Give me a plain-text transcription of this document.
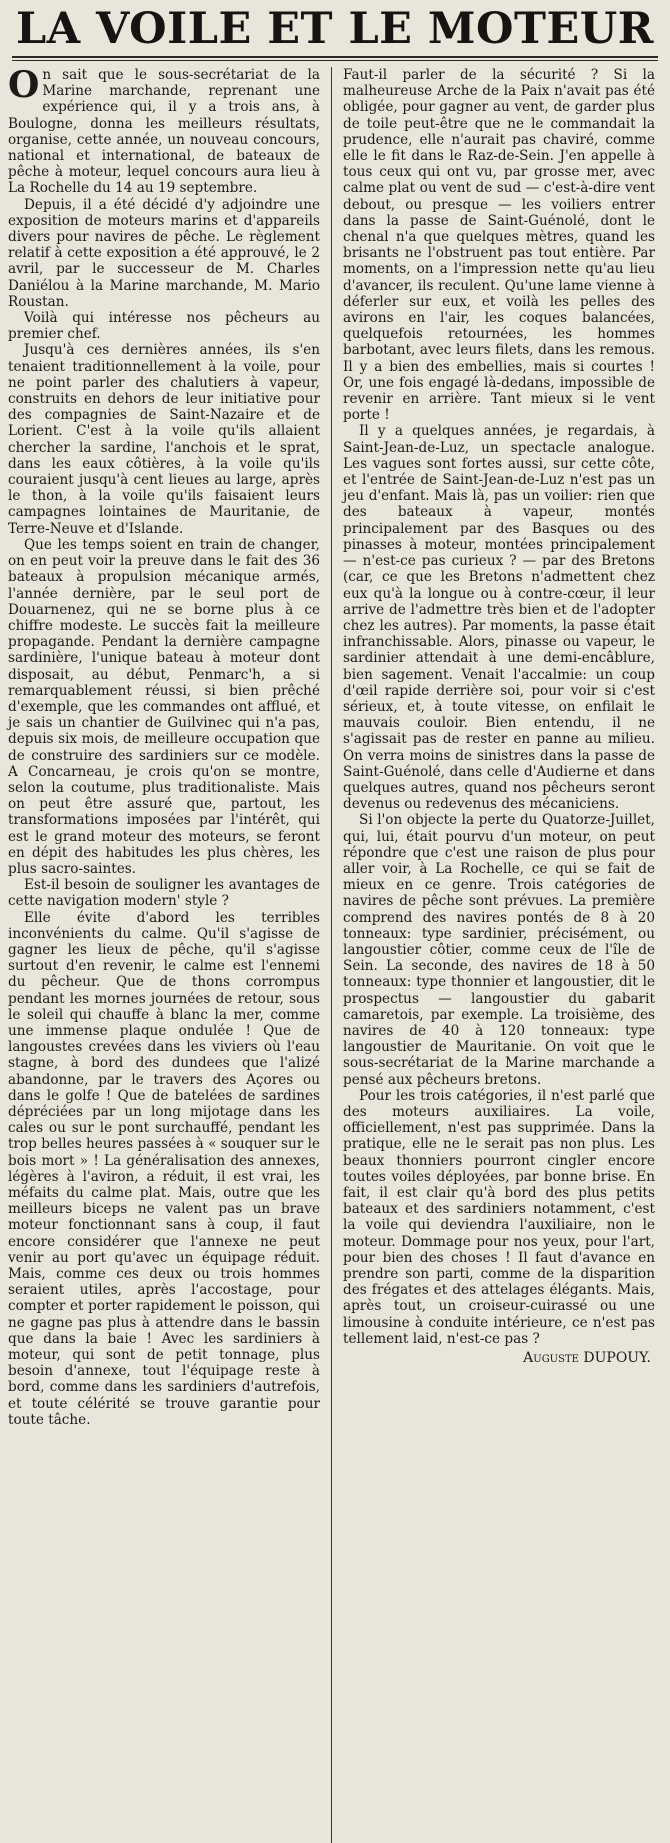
LA VOILE ET LE MOTEUR

On sait que le sous-secrétariat de la Marine marchande, reprenant une expérience qui, il y a trois ans, à Boulogne, donna les meilleurs résultats, organise, cette année, un nouveau concours, national et international, de bateaux de pêche à moteur, lequel concours aura lieu à La Rochelle du 14 au 19 septembre.

Depuis, il a été décidé d'y adjoindre une exposition de moteurs marins et d'appareils divers pour navires de pêche. Le règlement relatif à cette exposition a été approuvé, le 2 avril, par le successeur de M. Charles Daniélou à la Marine marchande, M. Mario Roustan.

Voilà qui intéresse nos pêcheurs au premier chef.

Jusqu'à ces dernières années, ils s'en tenaient traditionnellement à la voile, pour ne point parler des chalutiers à vapeur, construits en dehors de leur initiative pour des compagnies de Saint-Nazaire et de Lorient. C'est à la voile qu'ils allaient chercher la sardine, l'anchois et le sprat, dans les eaux côtières, à la voile qu'ils couraient jusqu'à cent lieues au large, après le thon, à la voile qu'ils faisaient leurs campagnes lointaines de Mauritanie, de Terre-Neuve et d'Islande.

Que les temps soient en train de changer, on en peut voir la preuve dans le fait des 36 bateaux à propulsion mécanique armés, l'année dernière, par le seul port de Douarnenez, qui ne se borne plus à ce chiffre modeste. Le succès fait la meilleure propagande. Pendant la dernière campagne sardinière, l'unique bateau à moteur dont disposait, au début, Penmarc'h, a si remarquablement réussi, si bien prêché d'exemple, que les commandes ont afflué, et je sais un chantier de Guilvinec qui n'a pas, depuis six mois, de meilleure occupation que de construire des sardiniers sur ce modèle. A Concarneau, je crois qu'on se montre, selon la coutume, plus traditionaliste. Mais on peut être assuré que, partout, les transformations imposées par l'intérêt, qui est le grand moteur des moteurs, se feront en dépit des habitudes les plus chères, les plus sacro-saintes.

Est-il besoin de souligner les avantages de cette navigation modern' style ?

Elle évite d'abord les terribles inconvénients du calme. Qu'il s'agisse de gagner les lieux de pêche, qu'il s'agisse surtout d'en revenir, le calme est l'ennemi du pêcheur. Que de thons corrompus pendant les mornes journées de retour, sous le soleil qui chauffe à blanc la mer, comme une immense plaque ondulée ! Que de langoustes crevées dans les viviers où l'eau stagne, à bord des dundees que l'alizé abandonne, par le travers des Açores ou dans le golfe ! Que de batelées de sardines dépréciées par un long mijotage dans les cales ou sur le pont surchauffé, pendant les trop belles heures passées à « souquer sur le bois mort » ! La généralisation des annexes, légères à l'aviron, a réduit, il est vrai, les méfaits du calme plat. Mais, outre que les meilleurs biceps ne valent pas un brave moteur fonctionnant sans à coup, il faut encore considérer que l'annexe ne peut venir au port qu'avec un équipage réduit. Mais, comme ces deux ou trois hommes seraient utiles, après l'accostage, pour compter et porter rapidement le poisson, qui ne gagne pas plus à attendre dans le bassin que dans la baie ! Avec les sardiniers à moteur, qui sont de petit tonnage, plus besoin d'annexe, tout l'équipage reste à bord, comme dans les sardiniers d'autrefois, et toute célérité se trouve garantie pour toute tâche.

Faut-il parler de la sécurité ? Si la malheureuse Arche de la Paix n'avait pas été obligée, pour gagner au vent, de garder plus de toile peut-être que ne le commandait la prudence, elle n'aurait pas chaviré, comme elle le fit dans le Raz-de-Sein. J'en appelle à tous ceux qui ont vu, par grosse mer, avec calme plat ou vent de sud — c'est-à-dire vent debout, ou presque — les voiliers entrer dans la passe de Saint-Guénolé, dont le chenal n'a que quelques mètres, quand les brisants ne l'obstruent pas tout entière. Par moments, on a l'impression nette qu'au lieu d'avancer, ils reculent. Qu'une lame vienne à déferler sur eux, et voilà les pelles des avirons en l'air, les coques balancées, quelquefois retournées, les hommes barbotant, avec leurs filets, dans les remous. Il y a bien des embellies, mais si courtes ! Or, une fois engagé là-dedans, impossible de revenir en arrière. Tant mieux si le vent porte !

Il y a quelques années, je regardais, à Saint-Jean-de-Luz, un spectacle analogue. Les vagues sont fortes aussi, sur cette côte, et l'entrée de Saint-Jean-de-Luz n'est pas un jeu d'enfant. Mais là, pas un voilier: rien que des bateaux à vapeur, montés principalement par des Basques ou des pinasses à moteur, montées principalement — n'est-ce pas curieux ? — par des Bretons (car, ce que les Bretons n'admettent chez eux qu'à la longue ou à contre-cœur, il leur arrive de l'admettre très bien et de l'adopter chez les autres). Par moments, la passe était infranchissable. Alors, pinasse ou vapeur, le sardinier attendait à une demi-encâblure, bien sagement. Venait l'accalmie: un coup d'œil rapide derrière soi, pour voir si c'est sérieux, et, à toute vitesse, on enfilait le mauvais couloir. Bien entendu, il ne s'agissait pas de rester en panne au milieu. On verra moins de sinistres dans la passe de Saint-Guénolé, dans celle d'Audierne et dans quelques autres, quand nos pêcheurs seront devenus ou redevenus des mécaniciens.

Si l'on objecte la perte du Quatorze-Juillet, qui, lui, était pourvu d'un moteur, on peut répondre que c'est une raison de plus pour aller voir, à La Rochelle, ce qui se fait de mieux en ce genre. Trois catégories de navires de pêche sont prévues. La première comprend des navires pontés de 8 à 20 tonneaux: type sardinier, précisément, ou langoustier côtier, comme ceux de l'île de Sein. La seconde, des navires de 18 à 50 tonneaux: type thonnier et langoustier, dit le prospectus — langoustier du gabarit camaretois, par exemple. La troisième, des navires de 40 à 120 tonneaux: type langoustier de Mauritanie. On voit que le sous-secrétariat de la Marine marchande a pensé aux pêcheurs bretons.

Pour les trois catégories, il n'est parlé que des moteurs auxiliaires. La voile, officiellement, n'est pas supprimée. Dans la pratique, elle ne le serait pas non plus. Les beaux thonniers pourront cingler encore toutes voiles déployées, par bonne brise. En fait, il est clair qu'à bord des plus petits bateaux et des sardiniers notamment, c'est la voile qui deviendra l'auxiliaire, non le moteur. Dommage pour nos yeux, pour l'art, pour bien des choses ! Il faut d'avance en prendre son parti, comme de la disparition des frégates et des attelages élégants. Mais, après tout, un croiseur-cuirassé ou une limousine à conduite intérieure, ce n'est pas tellement laid, n'est-ce pas ?

Auguste DUPOUY.
